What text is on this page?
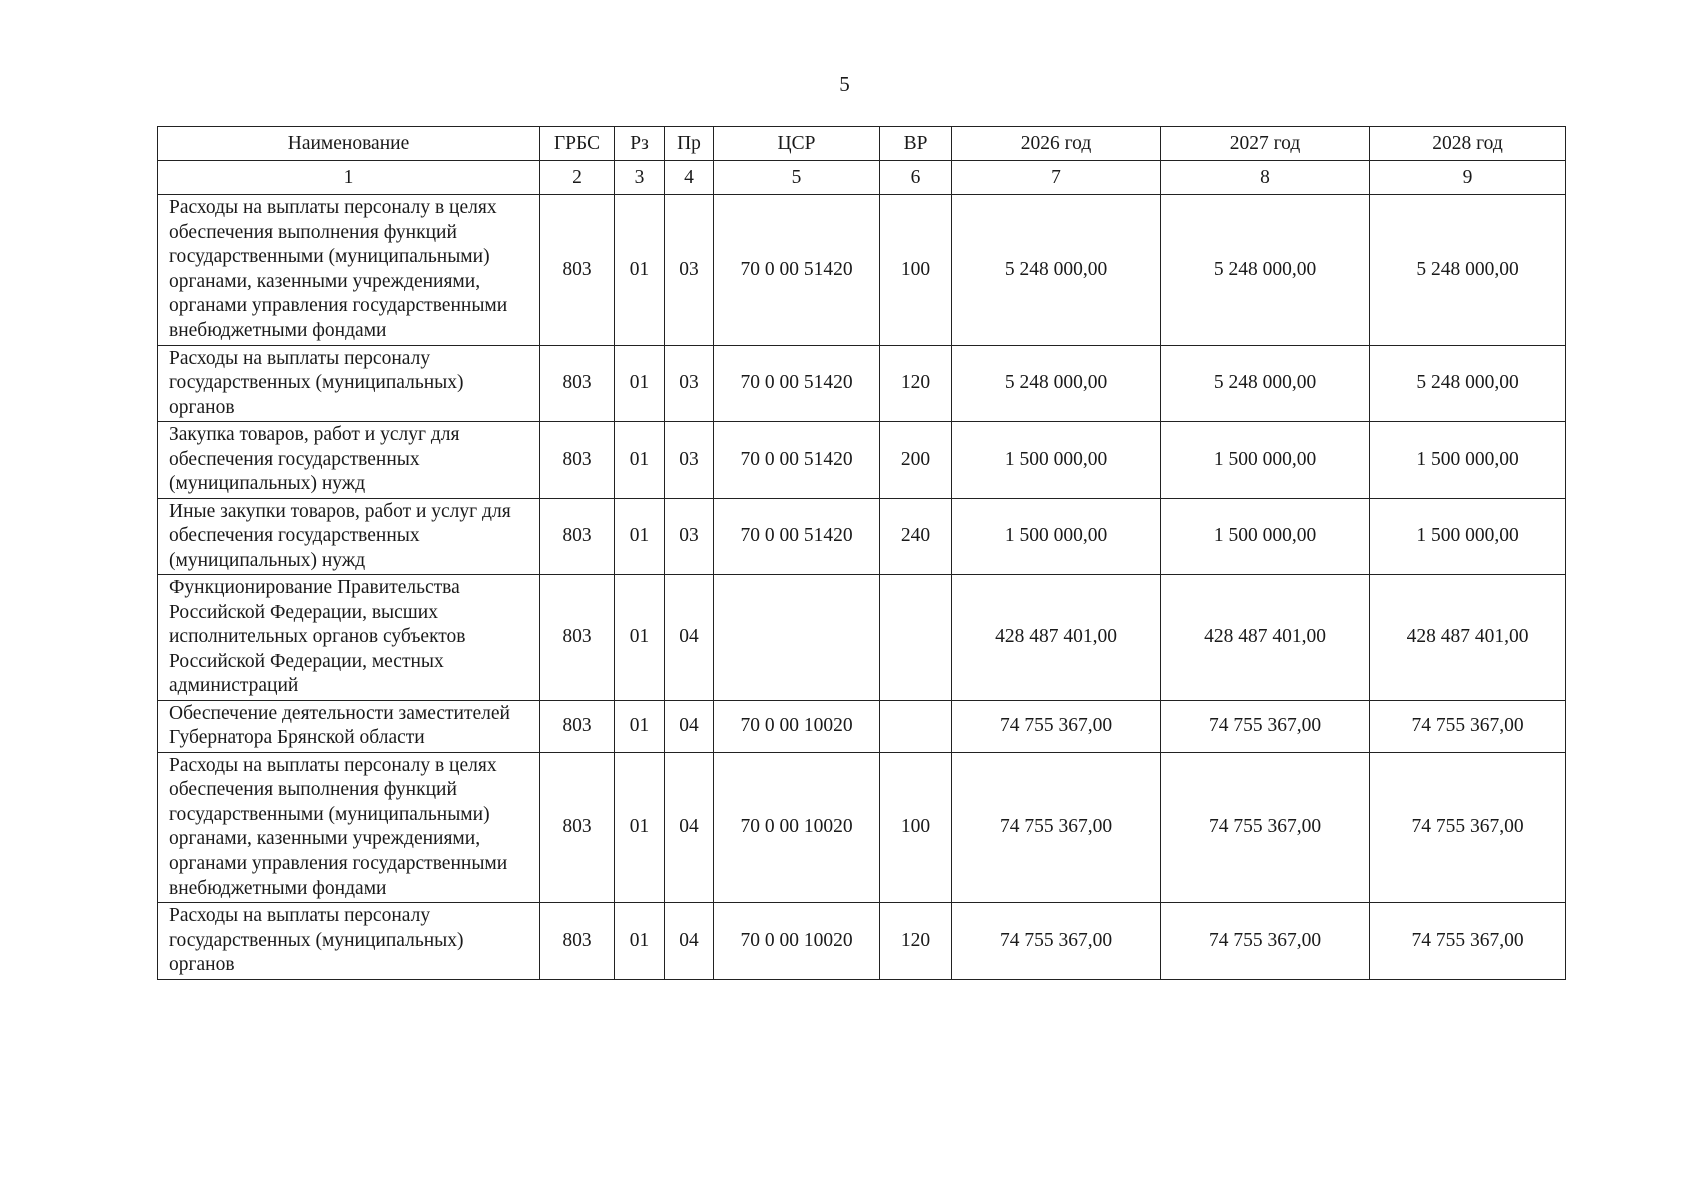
5
Наименование	ГРБС	Рз	Пр	ЦСР	ВР	2026 год	2027 год	2028 год
1	2	3	4	5	6	7	8	9
Расходы на выплаты персоналу в целях обеспечения выполнения функций государственными (муниципальными) органами, казенными учреждениями, органами управления государственными внебюджетными фондами	803	01	03	70 0 00 51420	100	5 248 000,00	5 248 000,00	5 248 000,00
Расходы на выплаты персоналу государственных (муниципальных) органов	803	01	03	70 0 00 51420	120	5 248 000,00	5 248 000,00	5 248 000,00
Закупка товаров, работ и услуг для обеспечения государственных (муниципальных) нужд	803	01	03	70 0 00 51420	200	1 500 000,00	1 500 000,00	1 500 000,00
Иные закупки товаров, работ и услуг для обеспечения государственных (муниципальных) нужд	803	01	03	70 0 00 51420	240	1 500 000,00	1 500 000,00	1 500 000,00
Функционирование Правительства Российской Федерации, высших исполнительных органов субъектов Российской Федерации, местных администраций	803	01	04			428 487 401,00	428 487 401,00	428 487 401,00
Обеспечение деятельности заместителей Губернатора Брянской области	803	01	04	70 0 00 10020		74 755 367,00	74 755 367,00	74 755 367,00
Расходы на выплаты персоналу в целях обеспечения выполнения функций государственными (муниципальными) органами, казенными учреждениями, органами управления государственными внебюджетными фондами	803	01	04	70 0 00 10020	100	74 755 367,00	74 755 367,00	74 755 367,00
Расходы на выплаты персоналу государственных (муниципальных) органов	803	01	04	70 0 00 10020	120	74 755 367,00	74 755 367,00	74 755 367,00
